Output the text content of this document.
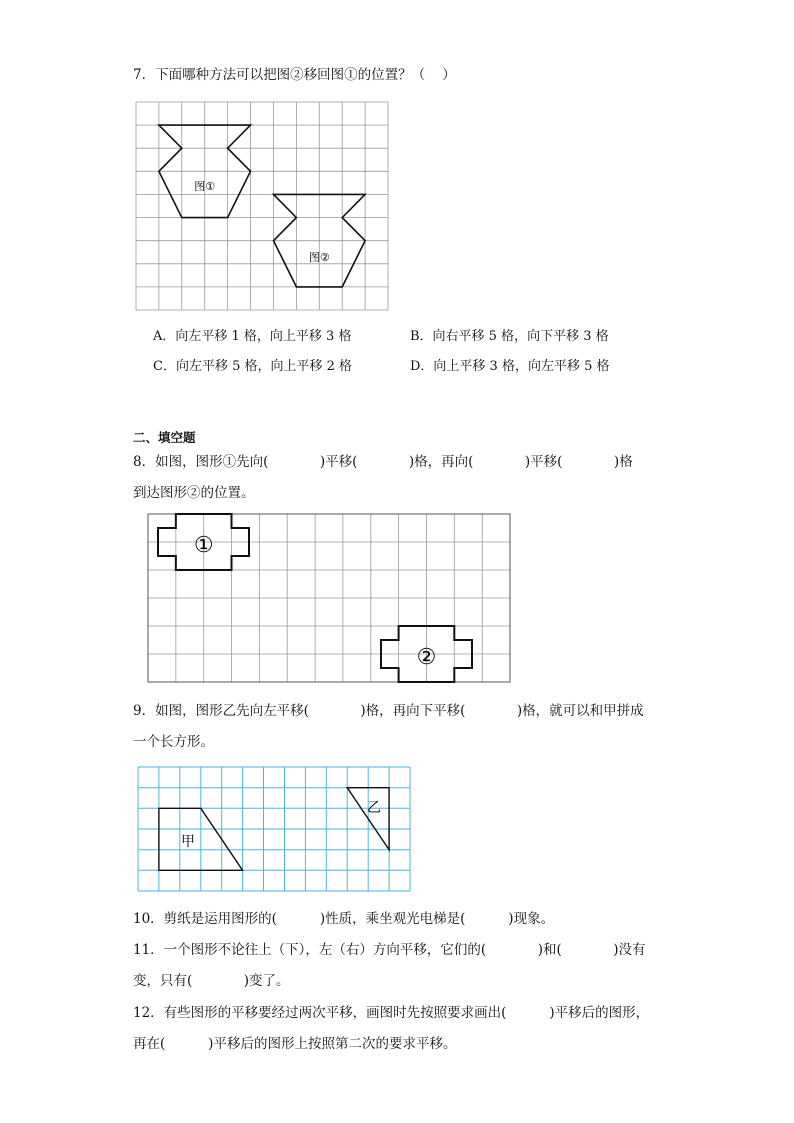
7．下面哪种方法可以把图②移回图①的位置？（    ）
图①
图②
A．向左平移 1 格，向上平移 3 格	B．向右平移 5 格，向下平移 3 格
C．向左平移 5 格，向上平移 2 格	D．向上平移 3 格，向左平移 5 格
二、填空题
8．如图，图形①先向(            )平移(            )格，再向(            )平移(            )格
到达图形②的位置。
①
②
9．如图，图形乙先向左平移(            )格，再向下平移(            )格，就可以和甲拼成
一个长方形。
甲
乙
10．剪纸是运用图形的(          )性质，乘坐观光电梯是(          )现象。
11．一个图形不论往上（下），左（右）方向平移，它们的(            )和(            )没有
变，只有(            )变了。
12．有些图形的平移要经过两次平移，画图时先按照要求画出(          )平移后的图形，
再在(          )平移后的图形上按照第二次的要求平移。
